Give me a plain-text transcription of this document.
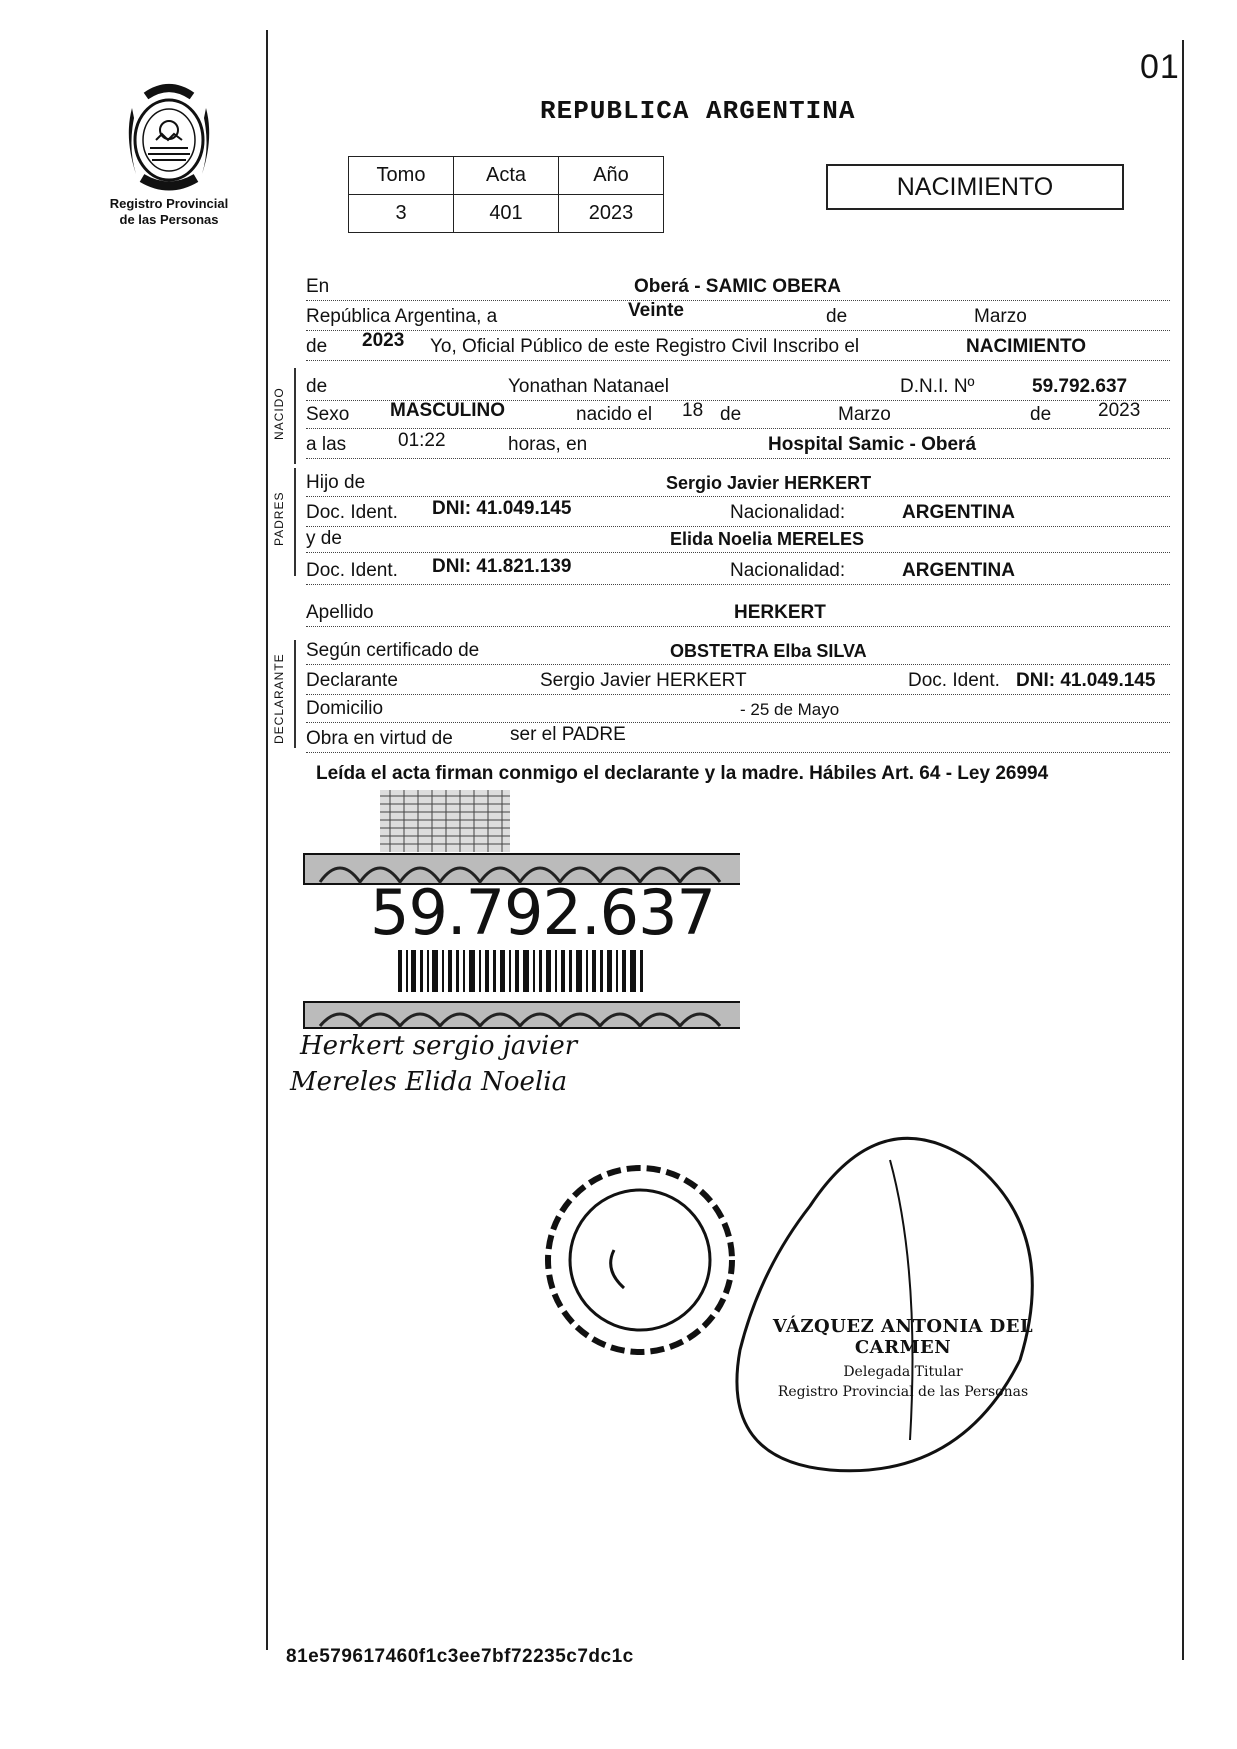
01
Registro Provincial
de las Personas
REPUBLICA ARGENTINA
Tomo	Acta	Año
3	401	2023
NACIMIENTO
En	Oberá - SAMIC OBERA
República Argentina, a	Veinte	de	Marzo
de 2023 Yo, Oficial Público de este Registro Civil Inscribo el	NACIMIENTO
NACIDO
de	Yonathan Natanael	D.N.I. Nº	59.792.637
Sexo MASCULINO	nacido el 18 de	Marzo	de 2023
a las	01:22	horas, en	Hospital Samic - Oberá
PADRES
Hijo de	Sergio Javier HERKERT
Doc. Ident. DNI: 41.049.145	Nacionalidad:	ARGENTINA
y de	Elida Noelia MERELES
Doc. Ident. DNI: 41.821.139	Nacionalidad:	ARGENTINA
Apellido	HERKERT
DECLARANTE
Según certificado de	OBSTETRA Elba SILVA
Declarante	Sergio Javier HERKERT	Doc. Ident. DNI: 41.049.145
Domicilio	- 25 de Mayo
Obra en virtud de	ser el PADRE
Leída el acta firman conmigo el declarante y la madre. Hábiles Art. 64 - Ley 26994
59.792.637
Herkert sergio javier
Mereles Elida Noelia
VÁZQUEZ ANTONIA DEL CARMEN
Delegada Titular
Registro Provincial de las Personas
81e579617460f1c3ee7bf72235c7dc1c
